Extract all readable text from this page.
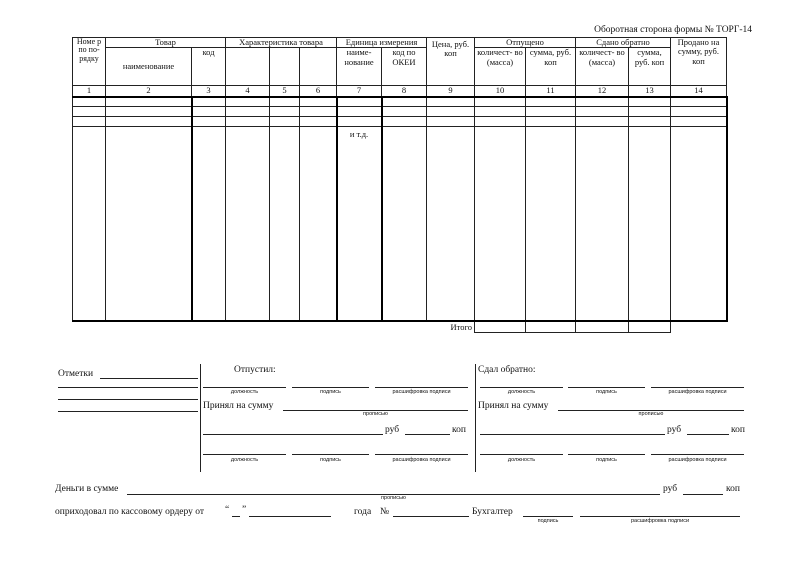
Оборотная сторона формы № ТОРГ-14
Номе р по по- рядку	Товар		Характеристика товара			Единица измерения		Цена, руб. коп	Отпущено		Сдано обратно		Продано на сумму, руб. коп
	наименование	код				наиме- нование	код по ОКЕИ		количест- во (масса)	сумма, руб. коп	количест- во (масса)	сумма, руб. коп	
1	2	3	4	5	6	7	8	9	10	11	12	13	14

						и т.д.							
								Итого					
Отметки	Отпустил:
должность	подпись	расшифровка подписи
Принял на сумму
прописью
руб	коп
должность	подпись	расшифровка подписи
Сдал обратно:
должность	подпись	расшифровка подписи
Принял на сумму
прописью
руб	коп
должность	подпись	расшифровка подписи
Деньги в сумме
прописью
руб	коп
оприходовал по кассовому ордеру от “ ”	года №	Бухгалтер
подпись	расшифровка подписи
